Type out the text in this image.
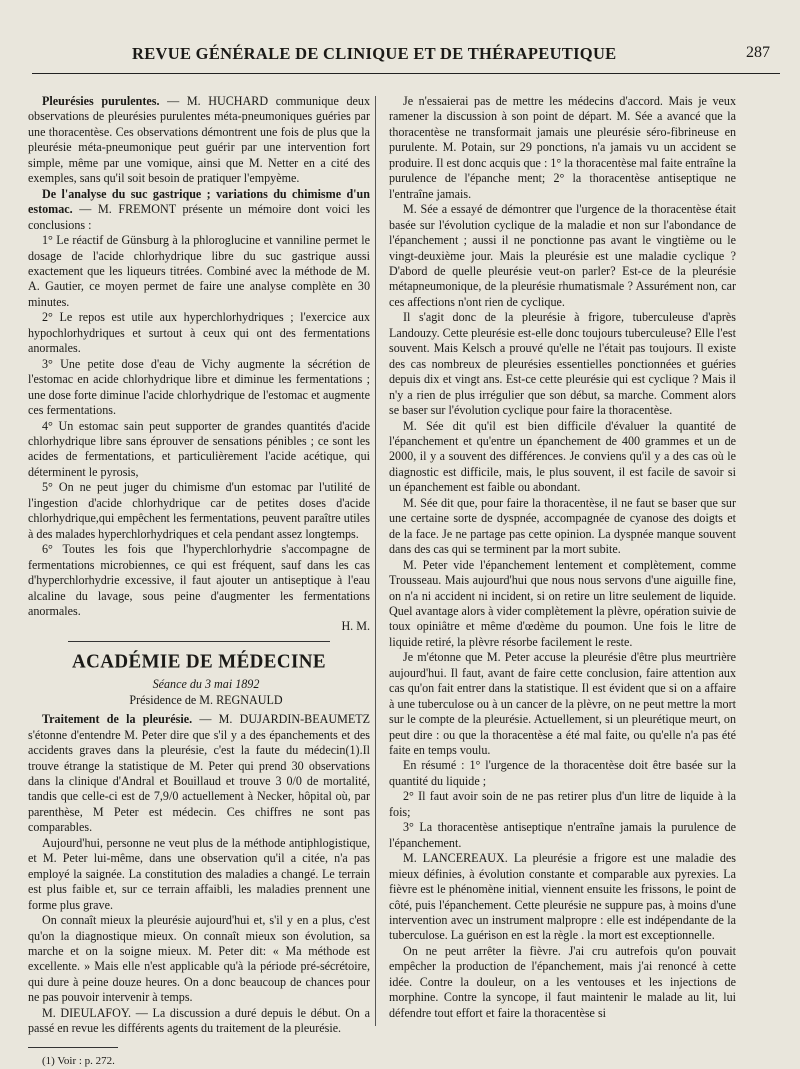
REVUE GÉNÉRALE DE CLINIQUE ET DE THÉRAPEUTIQUE	287

Pleurésies purulentes. — M. HUCHARD communique deux observations de pleurésies purulentes méta-pneumoniques guéries par une thoracentèse. Ces observations démontrent une fois de plus que la pleurésie méta-pneumonique peut guérir par une intervention fort simple, même par une vomique, ainsi que M. Netter en a cité des exemples, sans qu'il soit besoin de pratiquer l'empyème.

De l'analyse du suc gastrique ; variations du chimisme d'un estomac. — M. FREMONT présente un mémoire dont voici les conclusions :

1° Le réactif de Günsburg à la phloroglucine et vanniline permet le dosage de l'acide chlorhydrique libre du suc gastrique aussi exactement que les liqueurs titrées. Combiné avec la méthode de M. A. Gautier, ce moyen permet de faire une analyse complète en 30 minutes.

2° Le repos est utile aux hyperchlorhydriques ; l'exercice aux hypochlorhydriques et surtout à ceux qui ont des fermentations anormales.

3° Une petite dose d'eau de Vichy augmente la sécrétion de l'estomac en acide chlorhydrique libre et diminue les fermentations ; une dose forte diminue l'acide chlorhydrique de l'estomac et augmente ces fermentations.

4° Un estomac sain peut supporter de grandes quantités d'acide chlorhydrique libre sans éprouver de sensations pénibles ; ce sont les acides de fermentations, et particulièrement l'acide acétique, qui déterminent le pyrosis,

5° On ne peut juger du chimisme d'un estomac par l'utilité de l'ingestion d'acide chlorhydrique car de petites doses d'acide chlorhydrique,qui empêchent les fermentations, peuvent paraître utiles à des malades hyperchlorhydriques et cela pendant assez longtemps.

6° Toutes les fois que l'hyperchlorhydrie s'accompagne de fermentations microbiennes, ce qui est fréquent, sauf dans les cas d'hyperchlorhydrie excessive, il faut ajouter un antiseptique à l'eau alcaline du lavage, sous peine d'augmenter les fermentations anormales.

H. M.

ACADÉMIE DE MÉDECINE

Séance du 3 mai 1892

Présidence de M. REGNAULD

Traitement de la pleurésie. — M. DUJARDIN-BEAUMETZ s'étonne d'entendre M. Peter dire que s'il y a des épanchements et des accidents graves dans la pleurésie, c'est la faute du médecin(1).Il trouve étrange la statistique de M. Peter qui prend 30 observations dans la clinique d'Andral et Bouillaud et trouve 3 0/0 de mortalité, tandis que celle-ci est de 7,9/0 actuellement à Necker, hôpital où, par parenthèse, M Peter est médecin. Ces chiffres ne sont pas comparables.

Aujourd'hui, personne ne veut plus de la méthode antiphlogistique, et M. Peter lui-même, dans une observation qu'il a citée, n'a pas employé la saignée. La constitution des maladies a changé. Le terrain est plus faible et, sur ce terrain affaibli, les maladies prennent une forme plus grave.

On connaît mieux la pleurésie aujourd'hui et, s'il y en a plus, c'est qu'on la diagnostique mieux. On connaît mieux son évolution, sa marche et on la soigne mieux. M. Peter dit: « Ma méthode est excellente. » Mais elle n'est applicable qu'à la période pré-sécrétoire, qui dure à peine douze heures. On a donc beaucoup de chances pour ne pas pouvoir intervenir à temps.

M. DIEULAFOY. — La discussion a duré depuis le début. On a passé en revue les différents agents du traitement de la pleurésie.

(1) Voir : p. 272.

Je n'essaierai pas de mettre les médecins d'accord. Mais je veux ramener la discussion à son point de départ. M. Sée a avancé que la thoracentèse ne transformait jamais une pleurésie séro-fibrineuse en purulente. M. Potain, sur 29 ponctions, n'a jamais vu un accident se produire. Il est donc acquis que : 1° la thoracentèse mal faite entraîne la purulence de l'épanche ment; 2° la thoracentèse antiseptique ne l'entraîne jamais.

M. Sée a essayé de démontrer que l'urgence de la thoracentèse était basée sur l'évolution cyclique de la maladie et non sur l'abondance de l'épanchement ; aussi il ne ponctionne pas avant le vingtième ou le vingt-deuxième jour. Mais la pleurésie est une maladie cyclique ? D'abord de quelle pleurésie veut-on parler? Est-ce de la pleurésie métapneumonique, de la pleurésie rhumatismale ? Assurément non, car ces affections n'ont rien de cyclique.

Il s'agit donc de la pleurésie à frigore, tuberculeuse d'après Landouzy. Cette pleurésie est-elle donc toujours tuberculeuse? Elle l'est souvent. Mais Kelsch a prouvé qu'elle ne l'était pas toujours. Il existe des cas nombreux de pleurésies essentielles ponctionnées et guéries depuis dix et vingt ans. Est-ce cette pleurésie qui est cyclique ? Mais il n'y a rien de plus irrégulier que son début, sa marche. Comment alors se baser sur l'évolution cyclique pour faire la thoracentèse.

M. Sée dit qu'il est bien difficile d'évaluer la quantité de l'épanchement et qu'entre un épanchement de 400 grammes et un de 2000, il y a souvent des différences. Je conviens qu'il y a des cas où le diagnostic est difficile, mais, le plus souvent, il est facile de savoir si un épanchement est faible ou abondant.

M. Sée dit que, pour faire la thoracentèse, il ne faut se baser que sur une certaine sorte de dyspnée, accompagnée de cyanose des doigts et de la face. Je ne partage pas cette opinion. La dyspnée manque souvent dans des cas qui se terminent par la mort subite.

M. Peter vide l'épanchement lentement et complètement, comme Trousseau. Mais aujourd'hui que nous nous servons d'une aiguille fine, on n'a ni accident ni incident, si on retire un litre seulement de liquide. Quel avantage alors à vider complètement la plèvre, opération suivie de toux opiniâtre et même d'œdème du poumon. Une fois le litre de liquide retiré, la plèvre résorbe facilement le reste.

Je m'étonne que M. Peter accuse la pleurésie d'être plus meurtrière aujourd'hui. Il faut, avant de faire cette conclusion, faire attention aux cas qu'on fait entrer dans la statistique. Il est évident que si on a affaire à une tuberculose ou à un cancer de la plèvre, on ne peut mettre la mort sur le compte de la pleurésie. Actuellement, si un pleurétique meurt, on peut dire : ou que la thoracentèse a été mal faite, ou qu'elle n'a pas été faite en temps voulu.

En résumé : 1° l'urgence de la thoracentèse doit être basée sur la quantité du liquide ;

2° Il faut avoir soin de ne pas retirer plus d'un litre de liquide à la fois;

3° La thoracentèse antiseptique n'entraîne jamais la purulence de l'épanchement.

M. LANCEREAUX. La pleurésie a frigore est une maladie des mieux définies, à évolution constante et comparable aux pyrexies. La fièvre est le phénomène initial, viennent ensuite les frissons, le point de côté, puis l'épanchement. Cette pleurésie ne suppure pas, à moins d'une intervention avec un instrument malpropre : elle est indépendante de la tuberculose. La guérison en est la règle . la mort est exceptionnelle.

On ne peut arrêter la fièvre. J'ai cru autrefois qu'on pouvait empêcher la production de l'épanchement, mais j'ai renoncé à cette idée. Contre la douleur, on a les ventouses et les injections de morphine. Contre la syncope, il faut maintenir le malade au lit, lui défendre tout effort et faire la thoracentèse si
